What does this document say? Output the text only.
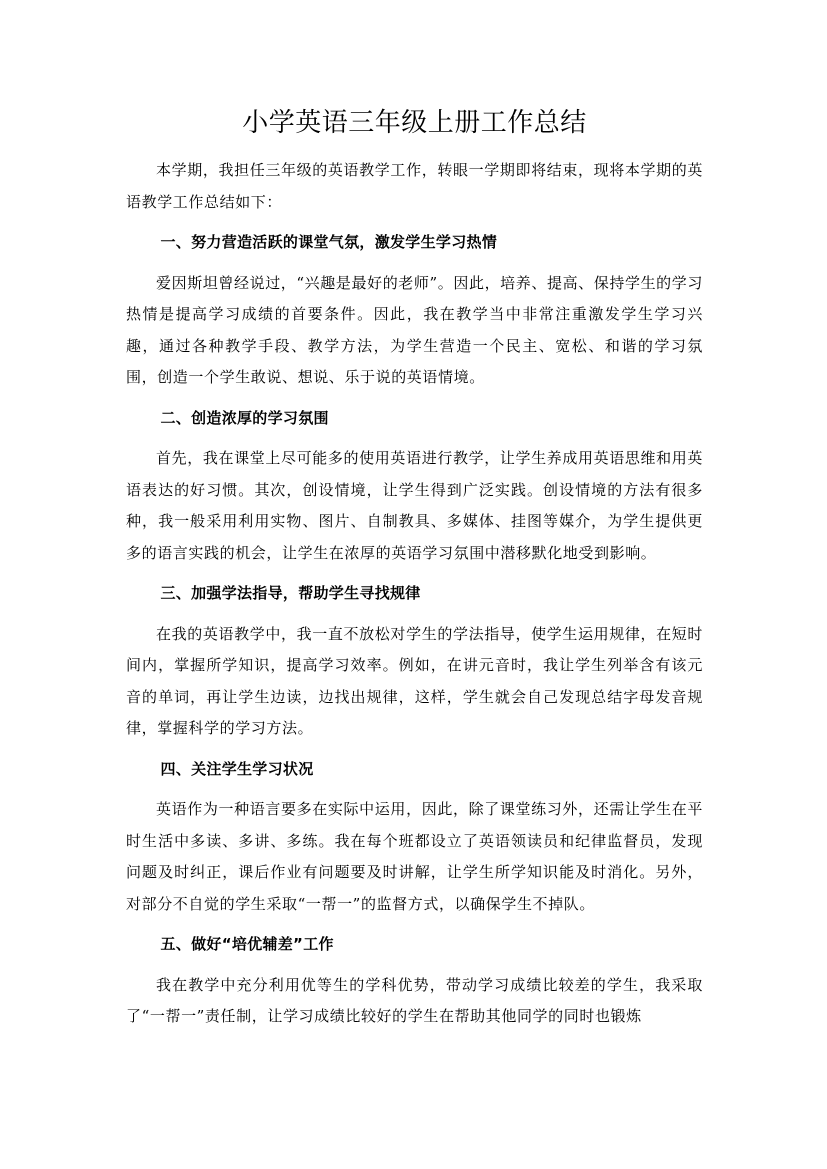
小学英语三年级上册工作总结

本学期，我担任三年级的英语教学工作，转眼一学期即将结束，现将本学期的英语教学工作总结如下：

一、努力营造活跃的课堂气氛，激发学生学习热情

爱因斯坦曾经说过，“兴趣是最好的老师”。因此，培养、提高、保持学生的学习热情是提高学习成绩的首要条件。因此，我在教学当中非常注重激发学生学习兴趣，通过各种教学手段、教学方法，为学生营造一个民主、宽松、和谐的学习氛围，创造一个学生敢说、想说、乐于说的英语情境。

二、创造浓厚的学习氛围

首先，我在课堂上尽可能多的使用英语进行教学，让学生养成用英语思维和用英语表达的好习惯。其次，创设情境，让学生得到广泛实践。创设情境的方法有很多种，我一般采用利用实物、图片、自制教具、多媒体、挂图等媒介，为学生提供更多的语言实践的机会，让学生在浓厚的英语学习氛围中潜移默化地受到影响。

三、加强学法指导，帮助学生寻找规律

在我的英语教学中，我一直不放松对学生的学法指导，使学生运用规律，在短时间内，掌握所学知识，提高学习效率。例如，在讲元音时，我让学生列举含有该元音的单词，再让学生边读，边找出规律，这样，学生就会自己发现总结字母发音规律，掌握科学的学习方法。

四、关注学生学习状况

英语作为一种语言要多在实际中运用，因此，除了课堂练习外，还需让学生在平时生活中多读、多讲、多练。我在每个班都设立了英语领读员和纪律监督员，发现问题及时纠正，课后作业有问题要及时讲解，让学生所学知识能及时消化。另外，对部分不自觉的学生采取“一帮一”的监督方式，以确保学生不掉队。

五、做好“培优辅差”工作

我在教学中充分利用优等生的学科优势，带动学习成绩比较差的学生，我采取了“一帮一”责任制，让学习成绩比较好的学生在帮助其他同学的同时也锻炼
